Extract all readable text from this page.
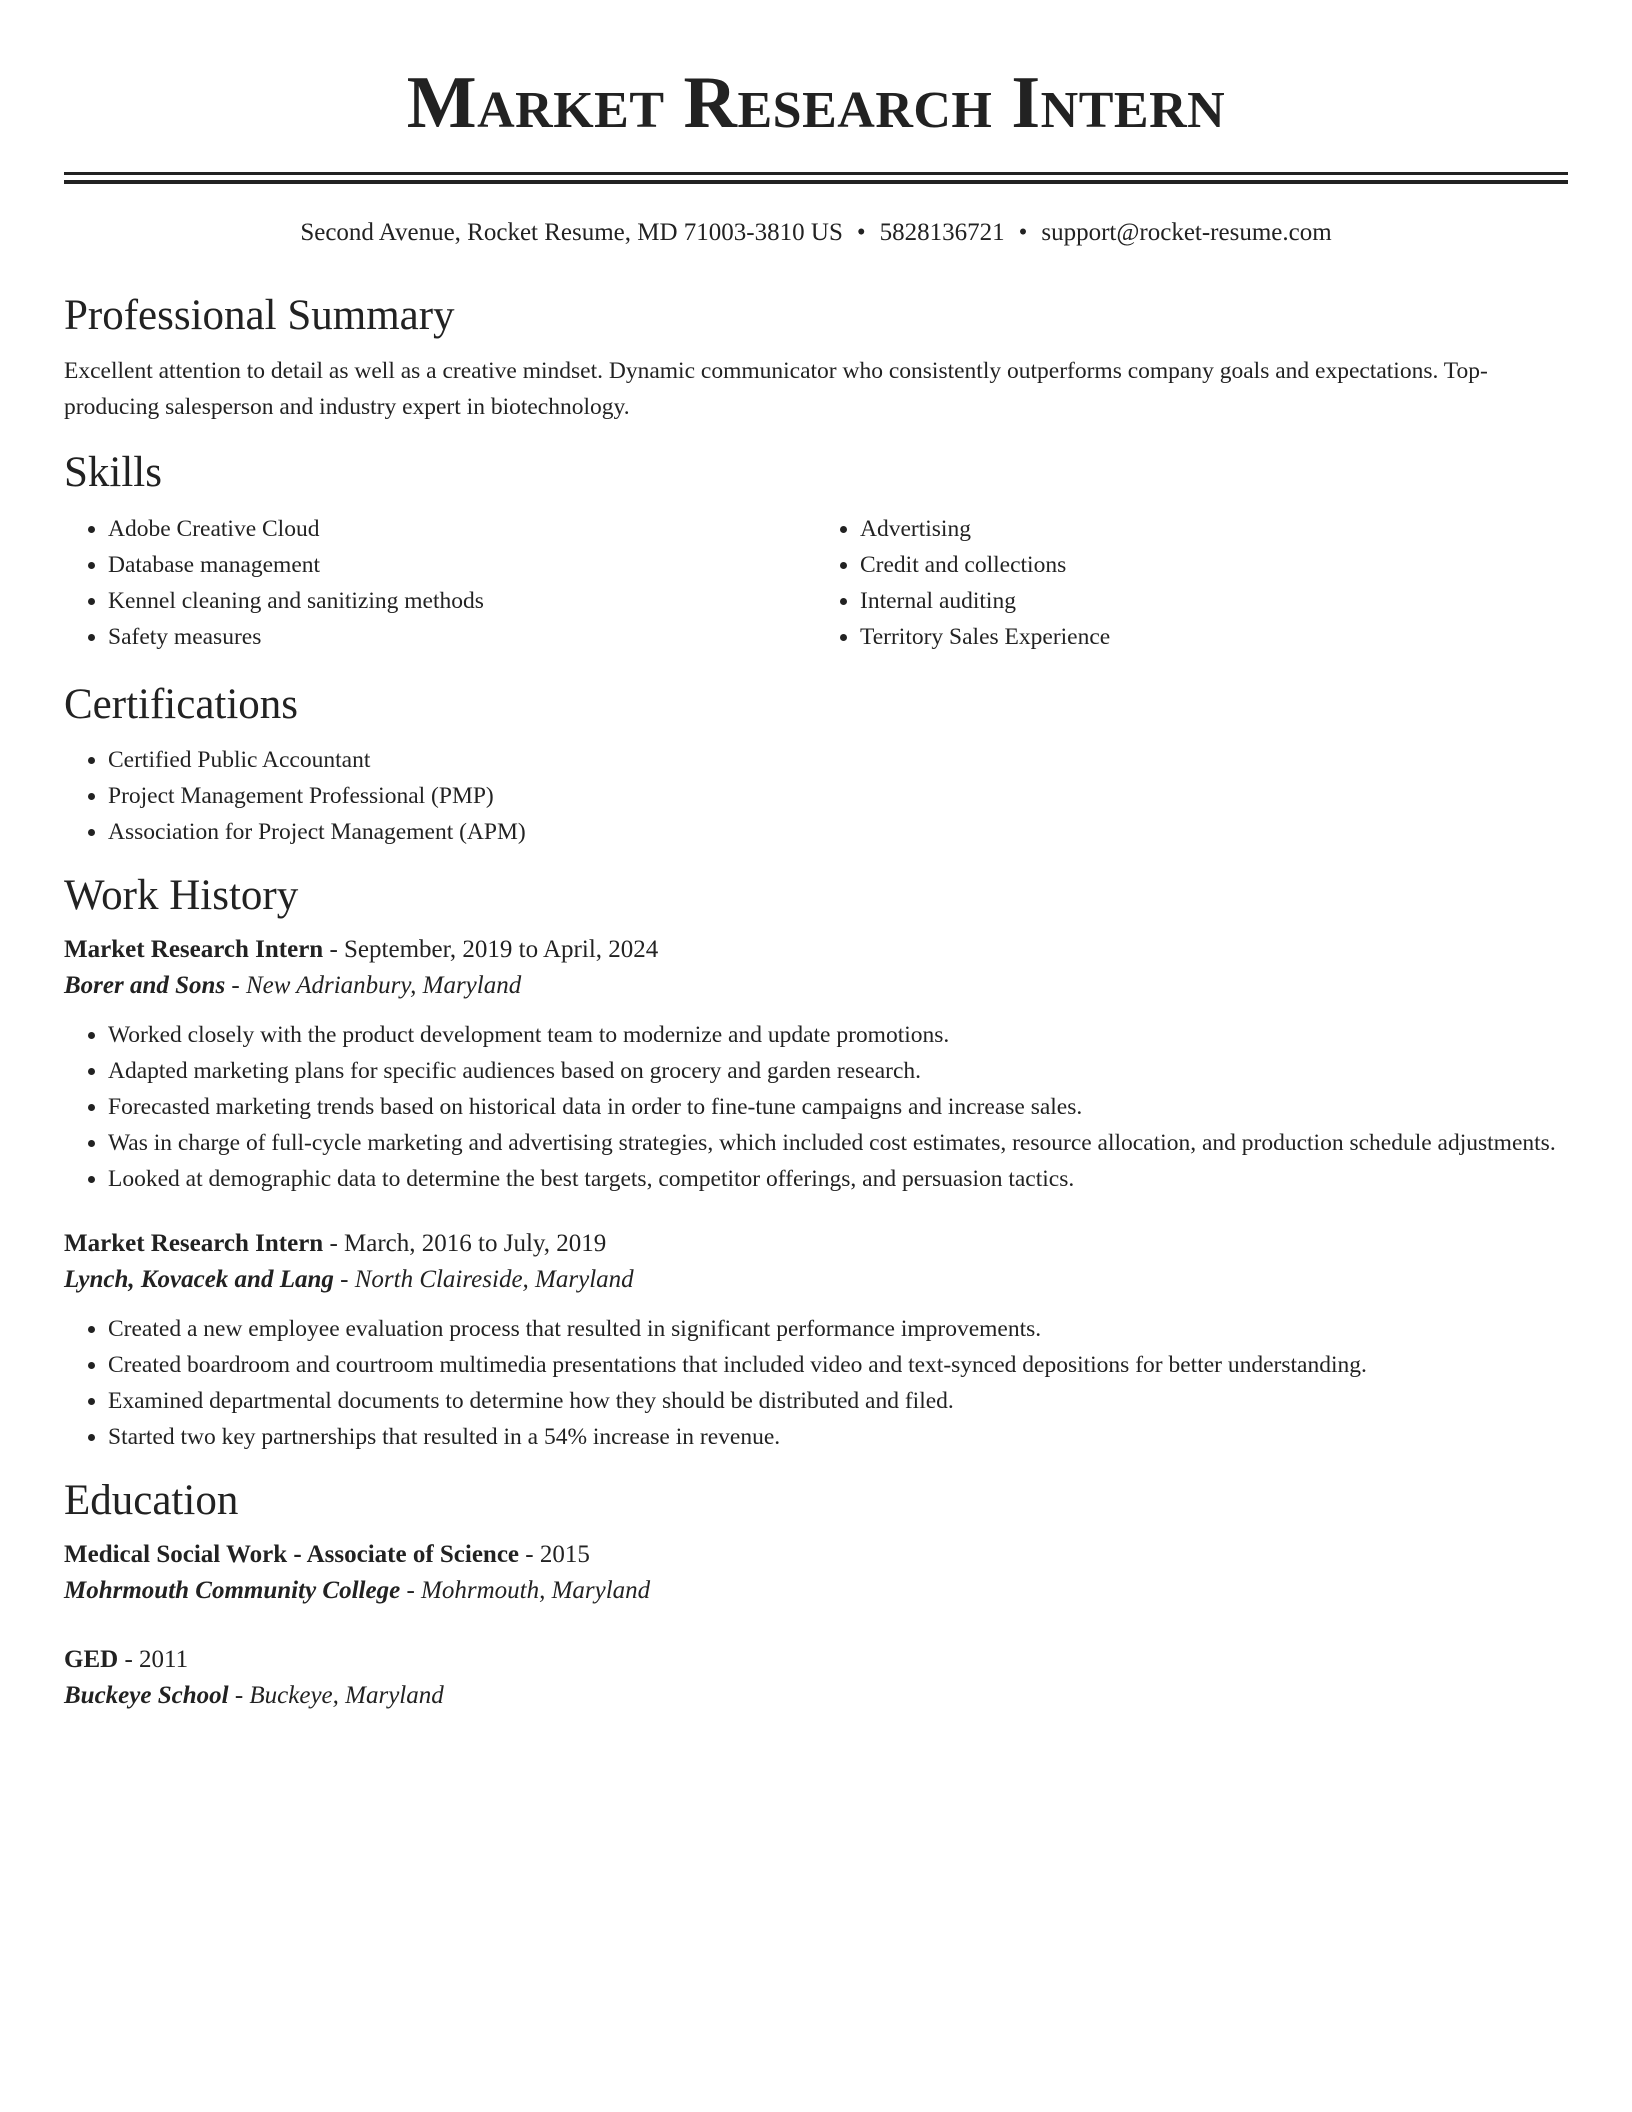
Market Research Intern
Second Avenue, Rocket Resume, MD 71003-3810 US • 5828136721 • support@rocket-resume.com
Professional Summary

Excellent attention to detail as well as a creative mindset. Dynamic communicator who consistently outperforms company goals and expectations. Top-producing salesperson and industry expert in biotechnology.

Skills
• Adobe Creative Cloud
• Database management
• Kennel cleaning and sanitizing methods
• Safety measures
• Advertising
• Credit and collections
• Internal auditing
• Territory Sales Experience
Certifications
• Certified Public Accountant
• Project Management Professional (PMP)
• Association for Project Management (APM)
Work History
Market Research Intern - September, 2019 to April, 2024
Borer and Sons - New Adrianbury, Maryland
• Worked closely with the product development team to modernize and update promotions.
• Adapted marketing plans for specific audiences based on grocery and garden research.
• Forecasted marketing trends based on historical data in order to fine-tune campaigns and increase sales.
• Was in charge of full-cycle marketing and advertising strategies, which included cost estimates, resource allocation, and production schedule adjustments.
• Looked at demographic data to determine the best targets, competitor offerings, and persuasion tactics.
Market Research Intern - March, 2016 to July, 2019
Lynch, Kovacek and Lang - North Claireside, Maryland
• Created a new employee evaluation process that resulted in significant performance improvements.
• Created boardroom and courtroom multimedia presentations that included video and text-synced depositions for better understanding.
• Examined departmental documents to determine how they should be distributed and filed.
• Started two key partnerships that resulted in a 54% increase in revenue.
Education
Medical Social Work - Associate of Science - 2015
Mohrmouth Community College - Mohrmouth, Maryland
GED - 2011
Buckeye School - Buckeye, Maryland
